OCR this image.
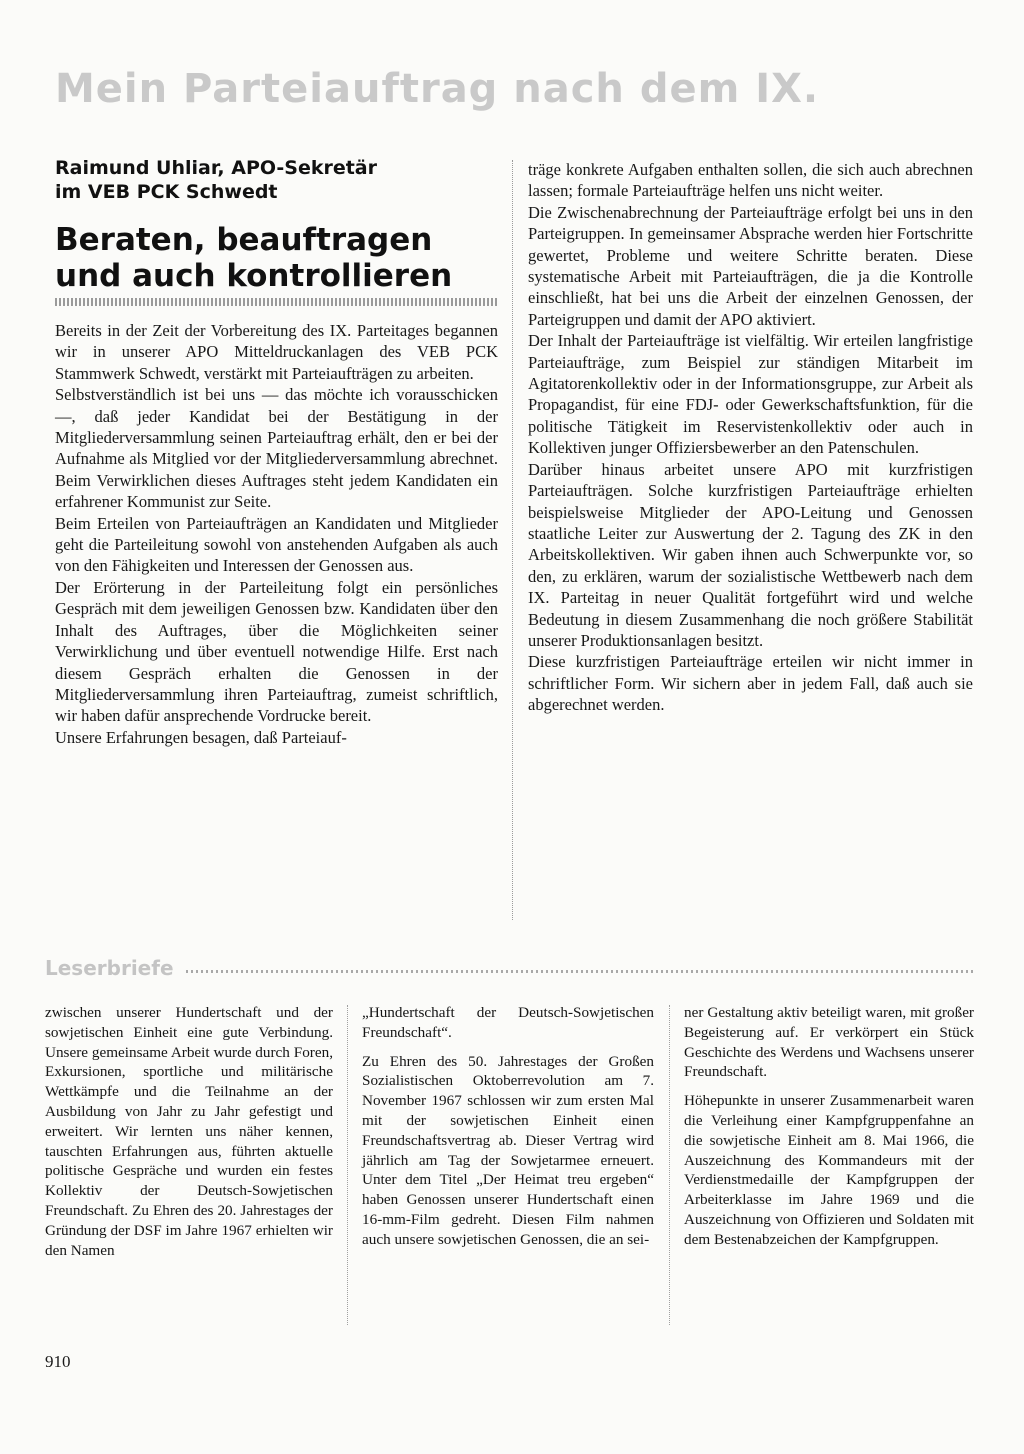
Mein Parteiauftrag nach dem IX.
Raimund Uhliar, APO-Sekretär
im VEB PCK Schwedt
Beraten, beauftragen
und auch kontrollieren

Bereits in der Zeit der Vorbereitung des IX. Parteitages begannen wir in unserer APO Mitteldruckanlagen des VEB PCK Stammwerk Schwedt, verstärkt mit Parteiaufträgen zu arbeiten.

Selbstverständlich ist bei uns — das möchte ich vorausschicken —, daß jeder Kandidat bei der Bestätigung in der Mitgliederversammlung seinen Parteiauftrag erhält, den er bei der Aufnahme als Mitglied vor der Mitgliederversammlung abrechnet. Beim Verwirklichen dieses Auftrages steht jedem Kandidaten ein erfahrener Kommunist zur Seite.

Beim Erteilen von Parteiaufträgen an Kandidaten und Mitglieder geht die Parteileitung sowohl von anstehenden Aufgaben als auch von den Fähigkeiten und Interessen der Genossen aus.

Der Erörterung in der Parteileitung folgt ein persönliches Gespräch mit dem jeweiligen Genossen bzw. Kandidaten über den Inhalt des Auftrages, über die Möglichkeiten seiner Verwirklichung und über eventuell notwendige Hilfe. Erst nach diesem Gespräch erhalten die Genossen in der Mitgliederversammlung ihren Parteiauftrag, zumeist schriftlich, wir haben dafür ansprechende Vordrucke bereit.

Unsere Erfahrungen besagen, daß Parteiauf-

träge konkrete Aufgaben enthalten sollen, die sich auch abrechnen lassen; formale Parteiaufträge helfen uns nicht weiter.

Die Zwischenabrechnung der Parteiaufträge erfolgt bei uns in den Parteigruppen. In gemeinsamer Absprache werden hier Fortschritte gewertet, Probleme und weitere Schritte beraten. Diese systematische Arbeit mit Parteiaufträgen, die ja die Kontrolle einschließt, hat bei uns die Arbeit der einzelnen Genossen, der Parteigruppen und damit der APO aktiviert.

Der Inhalt der Parteiaufträge ist vielfältig. Wir erteilen langfristige Parteiaufträge, zum Beispiel zur ständigen Mitarbeit im Agitatorenkollektiv oder in der Informationsgruppe, zur Arbeit als Propagandist, für eine FDJ- oder Gewerkschaftsfunktion, für die politische Tätigkeit im Reservistenkollektiv oder auch in Kollektiven junger Offiziersbewerber an den Patenschulen.

Darüber hinaus arbeitet unsere APO mit kurzfristigen Parteiaufträgen. Solche kurzfristigen Parteiaufträge erhielten beispielsweise Mitglieder der APO-Leitung und Genossen staatliche Leiter zur Auswertung der 2. Tagung des ZK in den Arbeitskollektiven. Wir gaben ihnen auch Schwerpunkte vor, so den, zu erklären, warum der sozialistische Wettbewerb nach dem IX. Parteitag in neuer Qualität fortgeführt wird und welche Bedeutung in diesem Zusammenhang die noch größere Stabilität unserer Produktionsanlagen besitzt.

Diese kurzfristigen Parteiaufträge erteilen wir nicht immer in schriftlicher Form. Wir sichern aber in jedem Fall, daß auch sie abgerechnet werden.

Leserbriefe

zwischen unserer Hundertschaft und der sowjetischen Einheit eine gute Verbindung. Unsere gemeinsame Arbeit wurde durch Foren, Exkursionen, sportliche und militärische Wettkämpfe und die Teilnahme an der Ausbildung von Jahr zu Jahr gefestigt und erweitert. Wir lernten uns näher kennen, tauschten Erfahrungen aus, führten aktuelle politische Gespräche und wurden ein festes Kollektiv der Deutsch-Sowjetischen Freundschaft. Zu Ehren des 20. Jahrestages der Gründung der DSF im Jahre 1967 erhielten wir den Namen

„Hundertschaft der Deutsch-Sowjetischen Freundschaft“.

Zu Ehren des 50. Jahrestages der Großen Sozialistischen Oktoberrevolution am 7. November 1967 schlossen wir zum ersten Mal mit der sowjetischen Einheit einen Freundschaftsvertrag ab. Dieser Vertrag wird jährlich am Tag der Sowjetarmee erneuert. Unter dem Titel „Der Heimat treu ergeben“ haben Genossen unserer Hundertschaft einen 16-mm-Film gedreht. Diesen Film nahmen auch unsere sowjetischen Genossen, die an sei-

ner Gestaltung aktiv beteiligt waren, mit großer Begeisterung auf. Er verkörpert ein Stück Geschichte des Werdens und Wachsens unserer Freundschaft.

Höhepunkte in unserer Zusammenarbeit waren die Verleihung einer Kampfgruppenfahne an die sowjetische Einheit am 8. Mai 1966, die Auszeichnung des Kommandeurs mit der Verdienstmedaille der Kampfgruppen der Arbeiterklasse im Jahre 1969 und die Auszeichnung von Offizieren und Soldaten mit dem Bestenabzeichen der Kampfgruppen.

910
